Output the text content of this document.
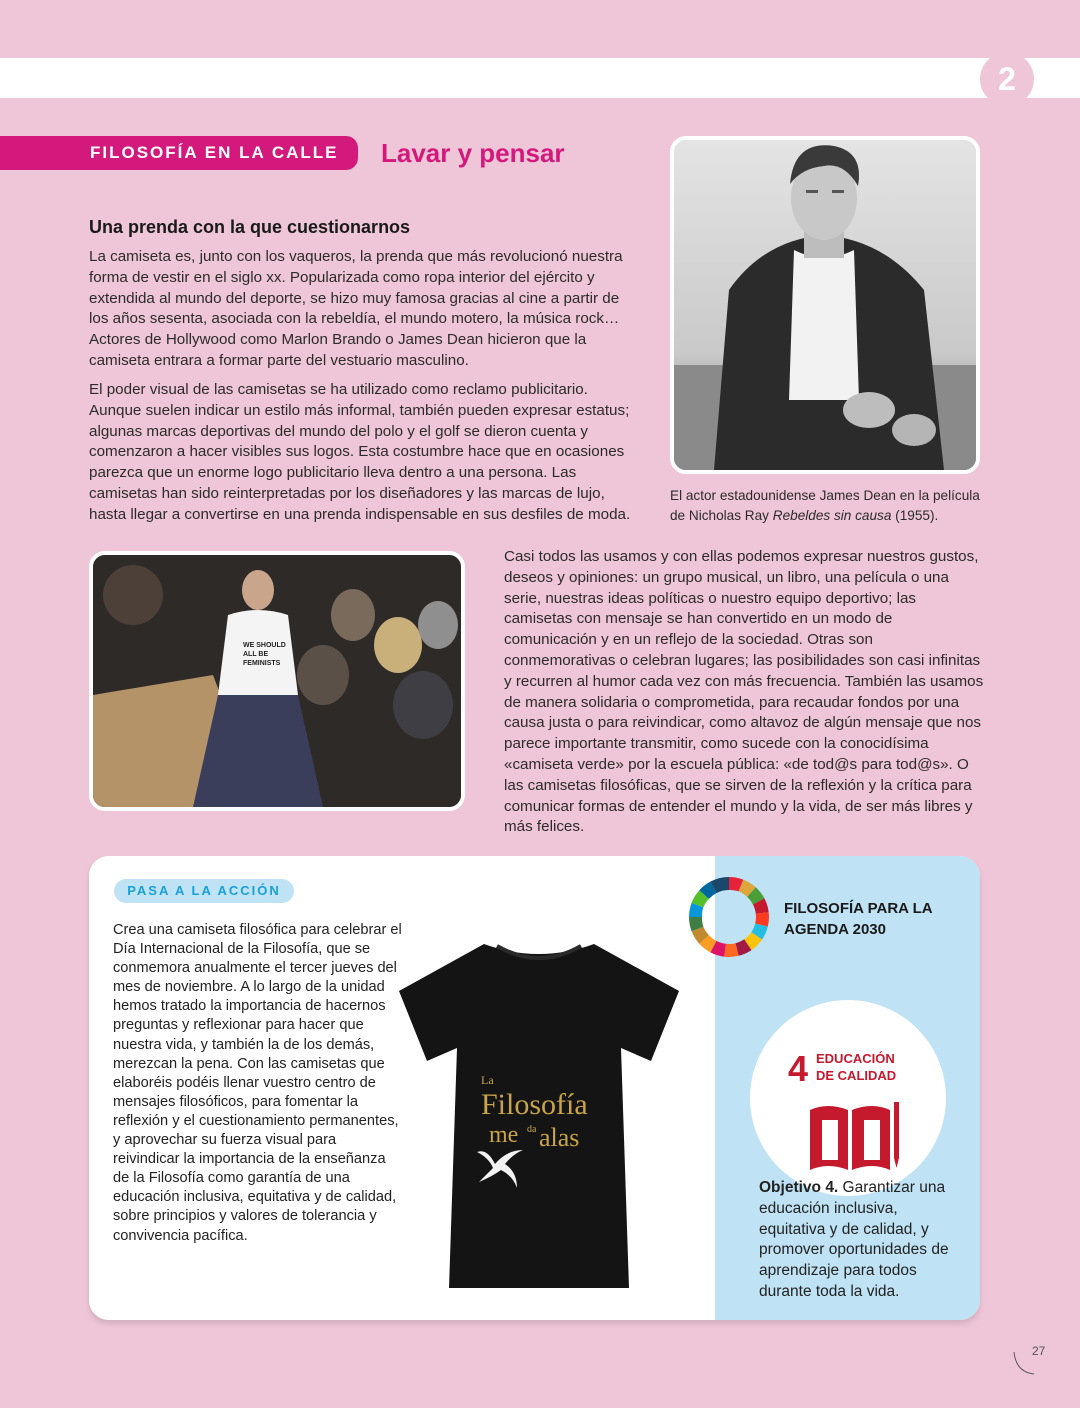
2
FILOSOFÍA EN LA CALLE	Lavar y pensar
Una prenda con la que cuestionarnos

La camiseta es, junto con los vaqueros, la prenda que más revolucionó nuestra forma de vestir en el siglo xx. Popularizada como ropa interior del ejército y extendida al mundo del deporte, se hizo muy famosa gracias al cine a partir de los años sesenta, asociada con la rebeldía, el mundo motero, la música rock… Actores de Hollywood como Marlon Brando o James Dean hicieron que la camiseta entrara a formar parte del vestuario masculino.

El poder visual de las camisetas se ha utilizado como reclamo publicitario. Aunque suelen indicar un estilo más informal, también pueden expresar estatus; algunas marcas deportivas del mundo del polo y el golf se dieron cuenta y comenzaron a hacer visibles sus logos. Esta costumbre hace que en ocasiones parezca que un enorme logo publicitario lleva dentro a una persona. Las camisetas han sido reinterpretadas por los diseñadores y las marcas de lujo, hasta llegar a convertirse en una prenda indispensable en sus desfiles de moda.

El actor estadounidense James Dean en la película de Nicholas Ray Rebeldes sin causa (1955).
WE SHOULD ALL BE FEMINISTS

Casi todos las usamos y con ellas podemos expresar nuestros gustos, deseos y opiniones: un grupo musical, un libro, una película o una serie, nuestras ideas políticas o nuestro equipo deportivo; las camisetas con mensaje se han convertido en un modo de comunicación y en un reflejo de la sociedad. Otras son conmemorativas o celebran lugares; las posibilidades son casi infinitas y recurren al humor cada vez con más frecuencia. También las usamos de manera solidaria o comprometida, para recaudar fondos por una causa justa o para reivindicar, como altavoz de algún mensaje que nos parece importante transmitir, como sucede con la conocidísima «camiseta verde» por la escuela pública: «de tod@s para tod@s». O las camisetas filosóficas, que se sirven de la reflexión y la crítica para comunicar formas de entender el mundo y la vida, de ser más libres y más felices.

PASA A LA ACCIÓN

Crea una camiseta filosófica para celebrar el Día Internacional de la Filosofía, que se conmemora anualmente el tercer jueves del mes de noviembre. A lo largo de la unidad hemos tratado la importancia de hacernos preguntas y reflexionar para hacer que nuestra vida, y también la de los demás, merezcan la pena. Con las camisetas que elaboréis podéis llenar vuestro centro de mensajes filosóficos, para fomentar la reflexión y el cuestionamiento permanentes, y aprovechar su fuerza visual para reivindicar la importancia de la enseñanza de la Filosofía como garantía de una educación inclusiva, equitativa y de calidad, sobre principios y valores de tolerancia y convivencia pacífica.

La
Filosofía
me da alas
FILOSOFÍA PARA LA AGENDA 2030
4 EDUCACIÓN
DE CALIDAD

Objetivo 4. Garantizar una educación inclusiva, equitativa y de calidad, y promover oportunidades de aprendizaje para todos durante toda la vida.

27
